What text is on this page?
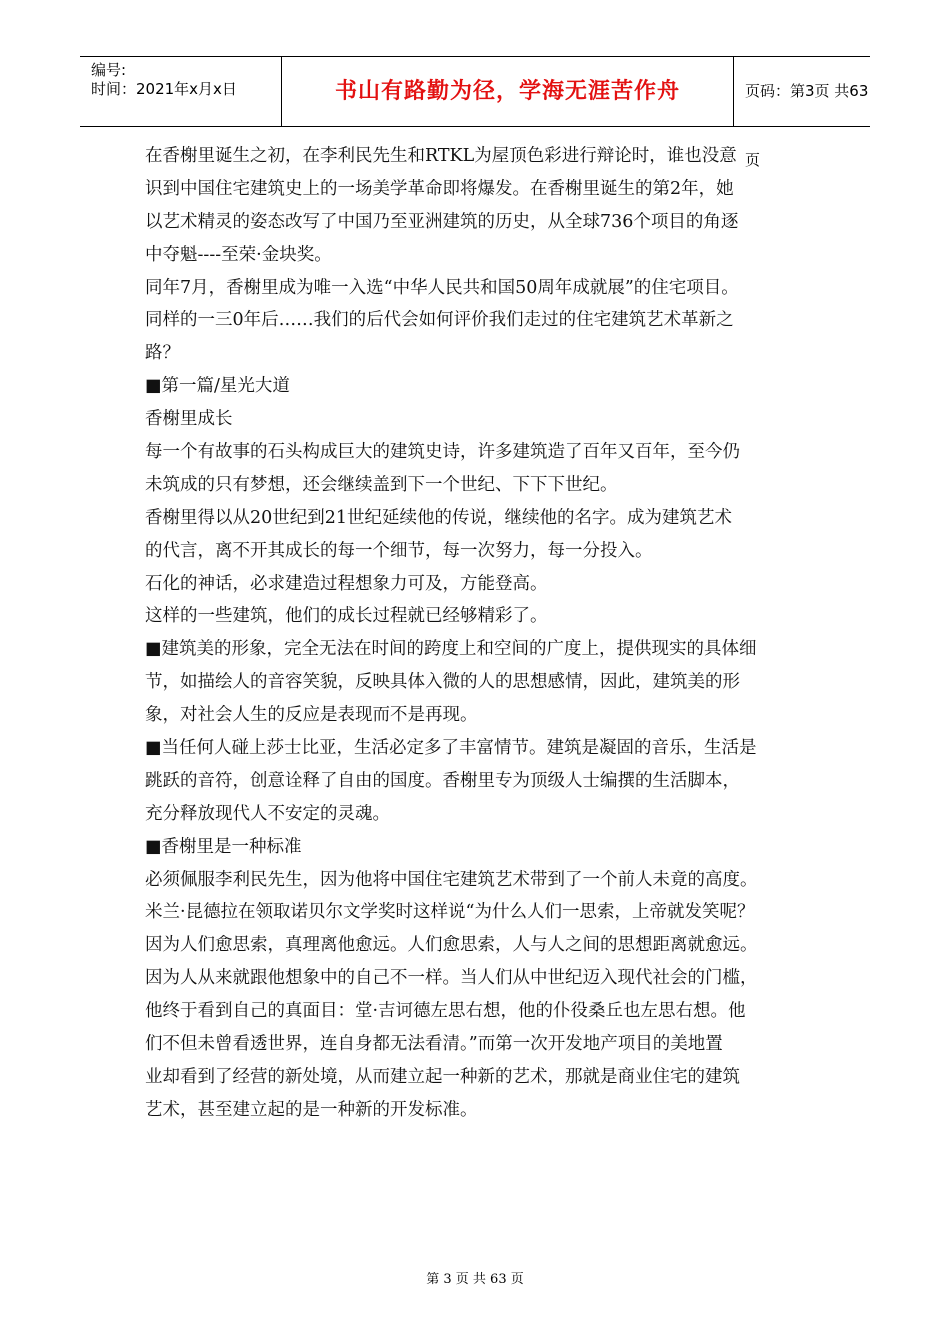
编号:
时间：2021年x月x日	书山有路勤为径，学海无涯苦作舟	页码：第3页 共63页
在香榭里诞生之初，在李利民先生和RTKL为屋顶色彩进行辩论时，谁也没意
识到中国住宅建筑史上的一场美学革命即将爆发。在香榭里诞生的第2年，她
以艺术精灵的姿态改写了中国乃至亚洲建筑的历史，从全球736个项目的角逐
中夺魁----至荣·金块奖。
同年7月，香榭里成为唯一入选“中华人民共和国50周年成就展”的住宅项目。
同样的一三0年后……我们的后代会如何评价我们走过的住宅建筑艺术革新之
路？
■第一篇/星光大道
香榭里成长
每一个有故事的石头构成巨大的建筑史诗，许多建筑造了百年又百年，至今仍
未筑成的只有梦想，还会继续盖到下一个世纪、下下下世纪。
香榭里得以从20世纪到21世纪延续他的传说，继续他的名字。成为建筑艺术
的代言，离不开其成长的每一个细节，每一次努力，每一分投入。
石化的神话，必求建造过程想象力可及，方能登高。
这样的一些建筑，他们的成长过程就已经够精彩了。
■建筑美的形象，完全无法在时间的跨度上和空间的广度上，提供现实的具体细
节，如描绘人的音容笑貌，反映具体入微的人的思想感情，因此，建筑美的形
象，对社会人生的反应是表现而不是再现。
■当任何人碰上莎士比亚，生活必定多了丰富情节。建筑是凝固的音乐，生活是
跳跃的音符，创意诠释了自由的国度。香榭里专为顶级人士编撰的生活脚本，
充分释放现代人不安定的灵魂。
■香榭里是一种标准
必须佩服李利民先生，因为他将中国住宅建筑艺术带到了一个前人未竟的高度。
米兰·昆德拉在领取诺贝尔文学奖时这样说“为什么人们一思索，上帝就发笑呢？
因为人们愈思索，真理离他愈远。人们愈思索，人与人之间的思想距离就愈远。
因为人从来就跟他想象中的自己不一样。当人们从中世纪迈入现代社会的门槛，
他终于看到自己的真面目：堂·吉诃德左思右想，他的仆役桑丘也左思右想。他
们不但未曾看透世界，连自身都无法看清。”而第一次开发地产项目的美地置
业却看到了经营的新处境，从而建立起一种新的艺术，那就是商业住宅的建筑
艺术，甚至建立起的是一种新的开发标准。
第 3 页 共 63 页
